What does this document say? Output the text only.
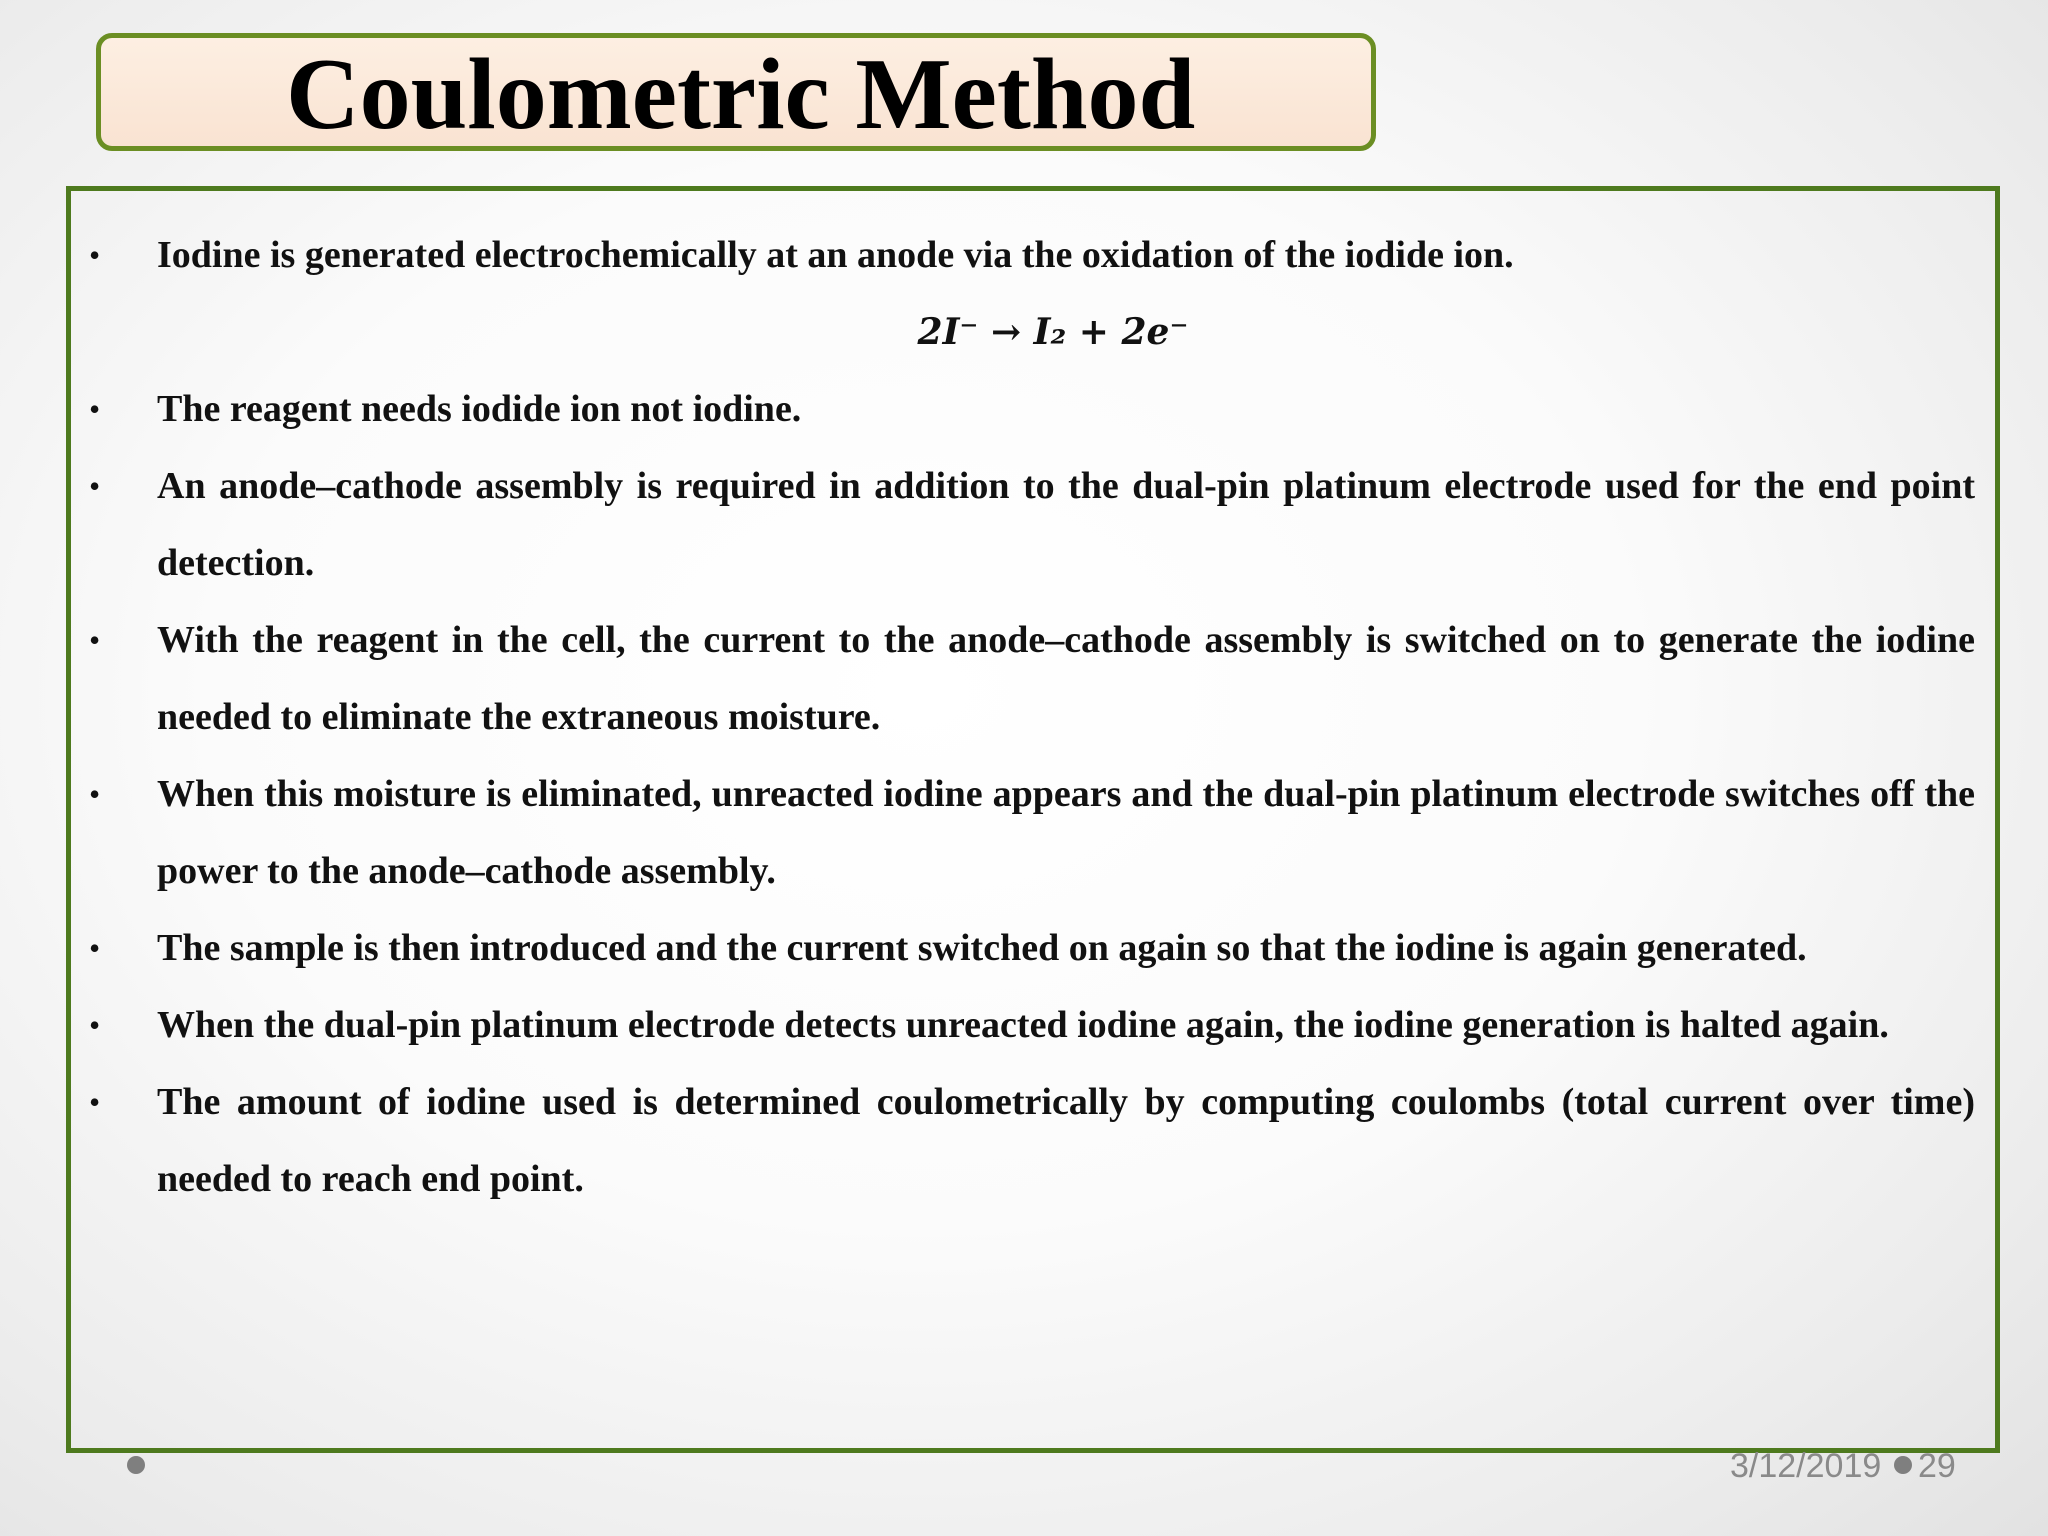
Coulometric Method
• Iodine is generated electrochemically at an anode via the oxidation of the iodide ion.
2I⁻ → I₂ + 2e⁻
• The reagent needs iodide ion not iodine.
• An anode–cathode assembly is required in addition to the dual-pin platinum electrode used for the end point detection.
• With the reagent in the cell, the current to the anode–cathode assembly is switched on to generate the iodine needed to eliminate the extraneous moisture.
• When this moisture is eliminated, unreacted iodine appears and the dual-pin platinum electrode switches off the power to the anode–cathode assembly.
• The sample is then introduced and the current switched on again so that the iodine is again generated.
• When the dual-pin platinum electrode detects unreacted iodine again, the iodine generation is halted again.
• The amount of iodine used is determined coulometrically by computing coulombs (total current over time) needed to reach end point.
3/12/2019 29
